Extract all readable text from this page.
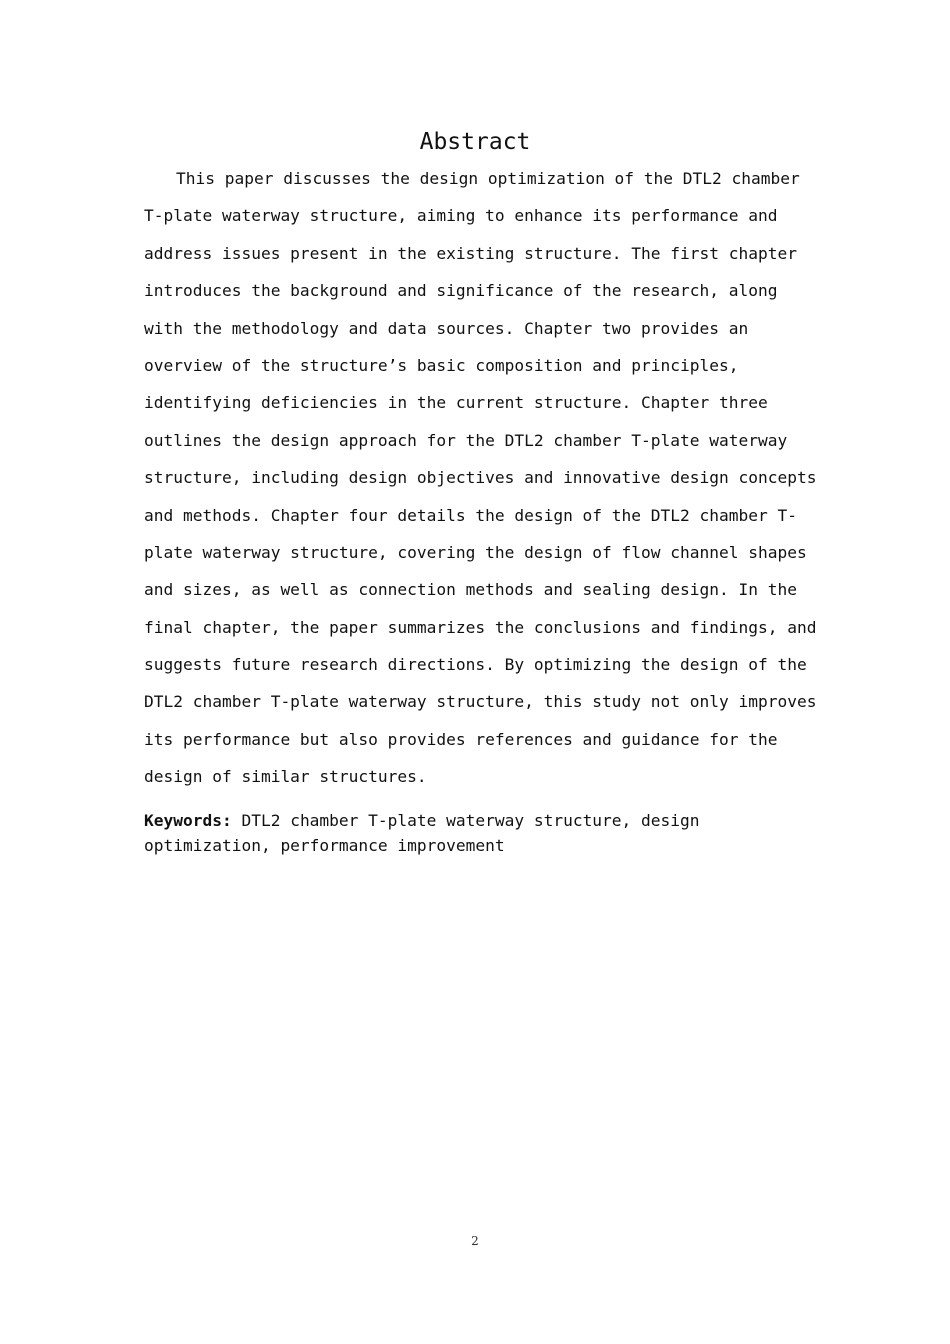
Abstract
This paper discusses the design optimization of the DTL2 chamber
T-plate waterway structure, aiming to enhance its performance and
address issues present in the existing structure. The first chapter
introduces the background and significance of the research, along
with the methodology and data sources. Chapter two provides an
overview of the structure’s basic composition and principles,
identifying deficiencies in the current structure. Chapter three
outlines the design approach for the DTL2 chamber T-plate waterway
structure, including design objectives and innovative design concepts
and methods. Chapter four details the design of the DTL2 chamber T-
plate waterway structure, covering the design of flow channel shapes
and sizes, as well as connection methods and sealing design. In the
final chapter, the paper summarizes the conclusions and findings, and
suggests future research directions. By optimizing the design of the
DTL2 chamber T-plate waterway structure, this study not only improves
its performance but also provides references and guidance for the
design of similar structures.
Keywords: DTL2 chamber T-plate waterway structure, design
optimization, performance improvement
2
